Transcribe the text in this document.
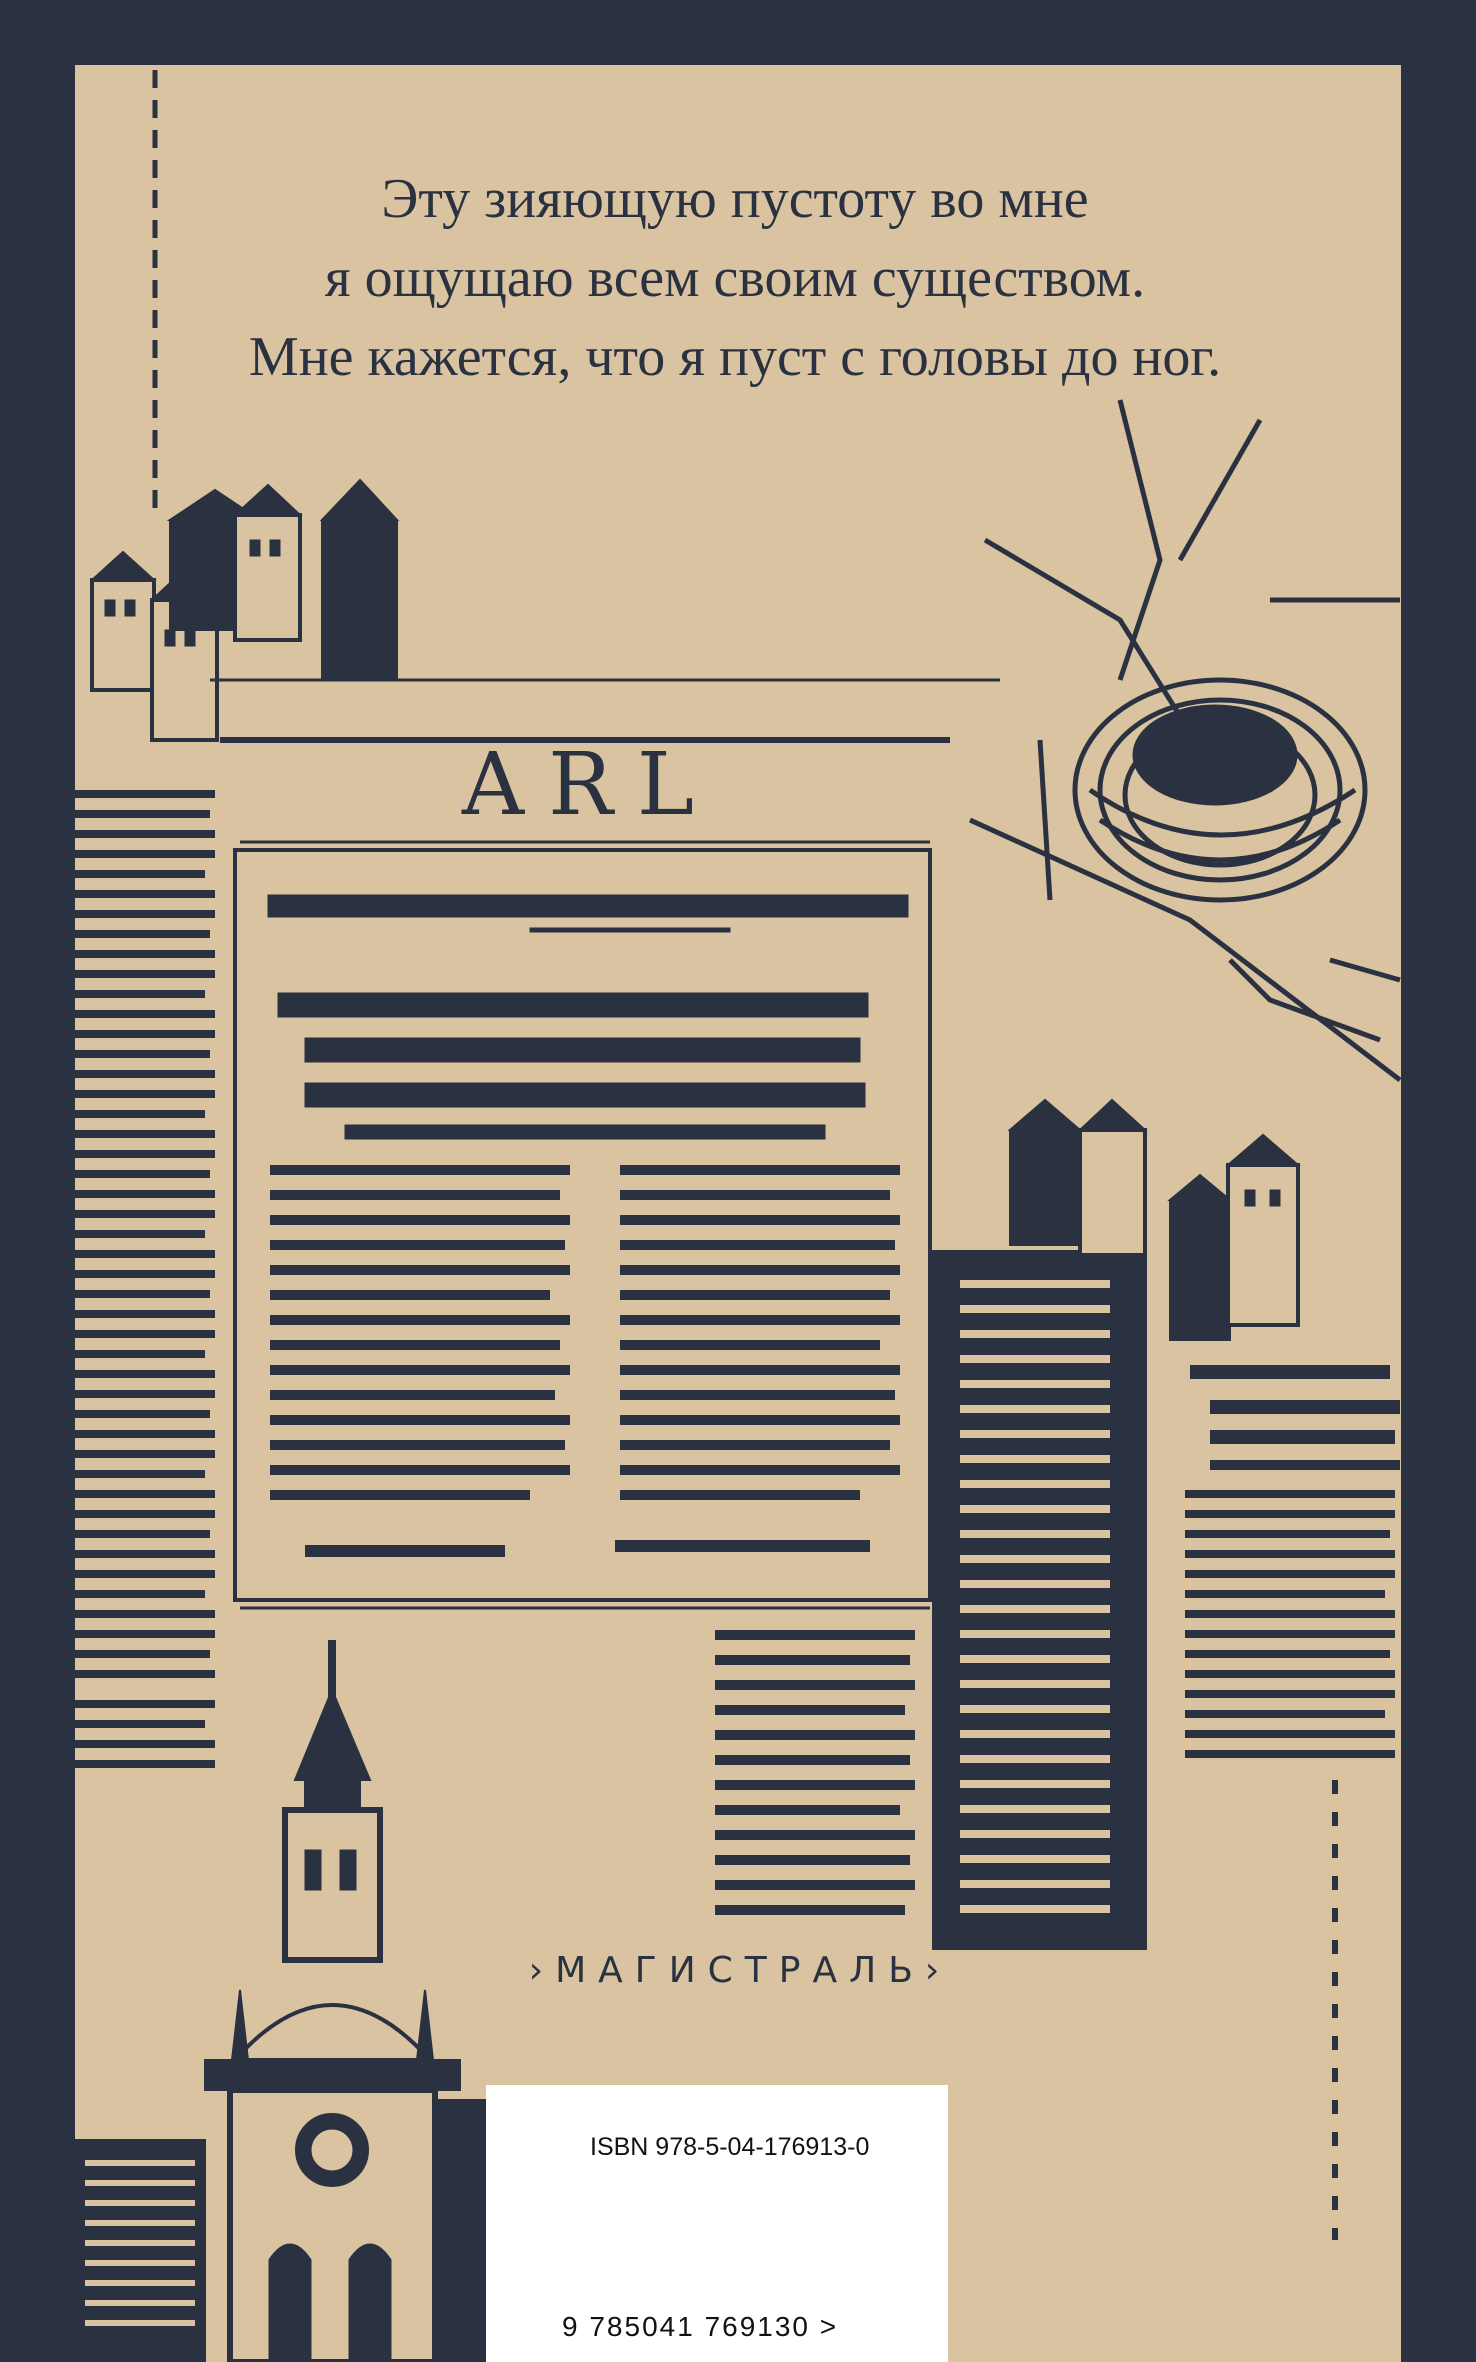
ARL
Эту зияющую пустоту во мне
я ощущаю всем своим существом.
Мне кажется, что я пуст с головы до ног.
›МАГИСТРАЛЬ›
ISBN 978-5-04-176913-0
9 785041 769130 >
